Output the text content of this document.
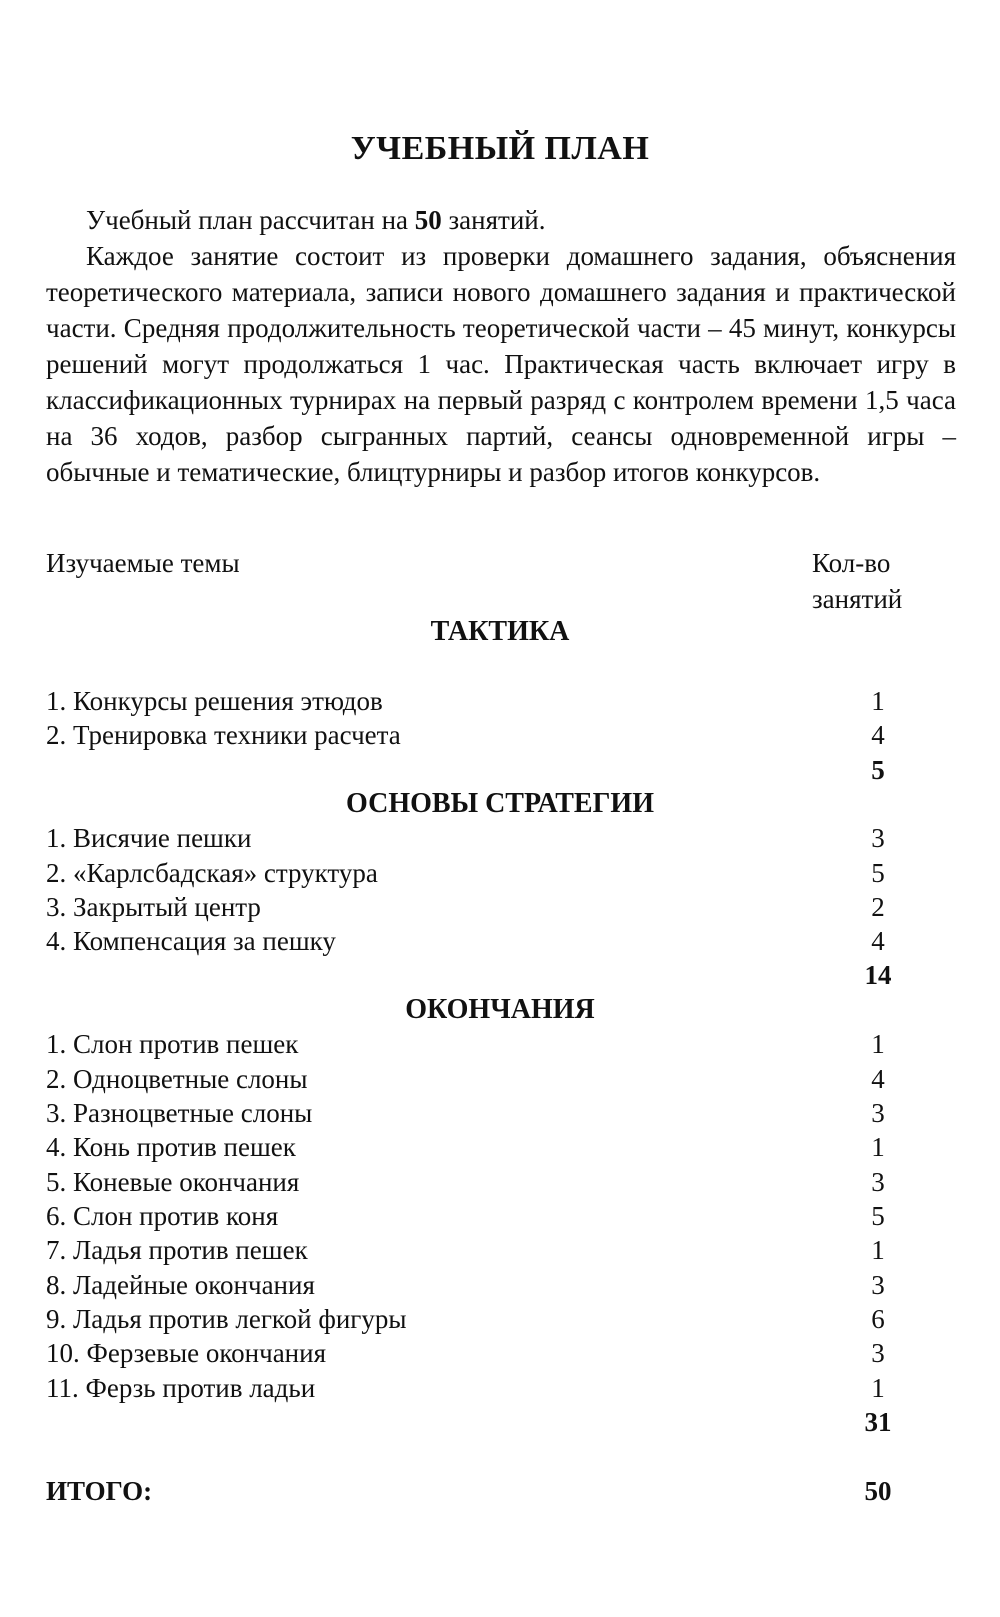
УЧЕБНЫЙ ПЛАН

Учебный план рассчитан на 50 занятий.

Каждое занятие состоит из проверки домашнего задания, объяснения теоретического материала, записи нового домашнего задания и практической части. Средняя продолжительность теоретической части – 45 минут, конкурсы решений могут продолжаться 1 час. Практическая часть включает игру в классификационных турнирах на первый разряд с контролем времени 1,5 часа на 36 ходов, разбор сыгранных партий, сеансы одновременной игры – обычные и тематические, блицтурниры и разбор итогов конкурсов.

Изучаемые темы	Кол-во
занятий
ТАКТИКА
1. Конкурсы решения этюдов	1
2. Тренировка техники расчета	4
5
ОСНОВЫ СТРАТЕГИИ
1. Висячие пешки	3
2. «Карлсбадская» структура	5
3. Закрытый центр	2
4. Компенсация за пешку	4
14
ОКОНЧАНИЯ
1. Слон против пешек	1
2. Одноцветные слоны	4
3. Разноцветные слоны	3
4. Конь против пешек	1
5. Коневые окончания	3
6. Слон против коня	5
7. Ладья против пешек	1
8. Ладейные окончания	3
9. Ладья против легкой фигуры	6
10. Ферзевые окончания	3
11. Ферзь против ладьи	1
31
ИТОГО:	50
